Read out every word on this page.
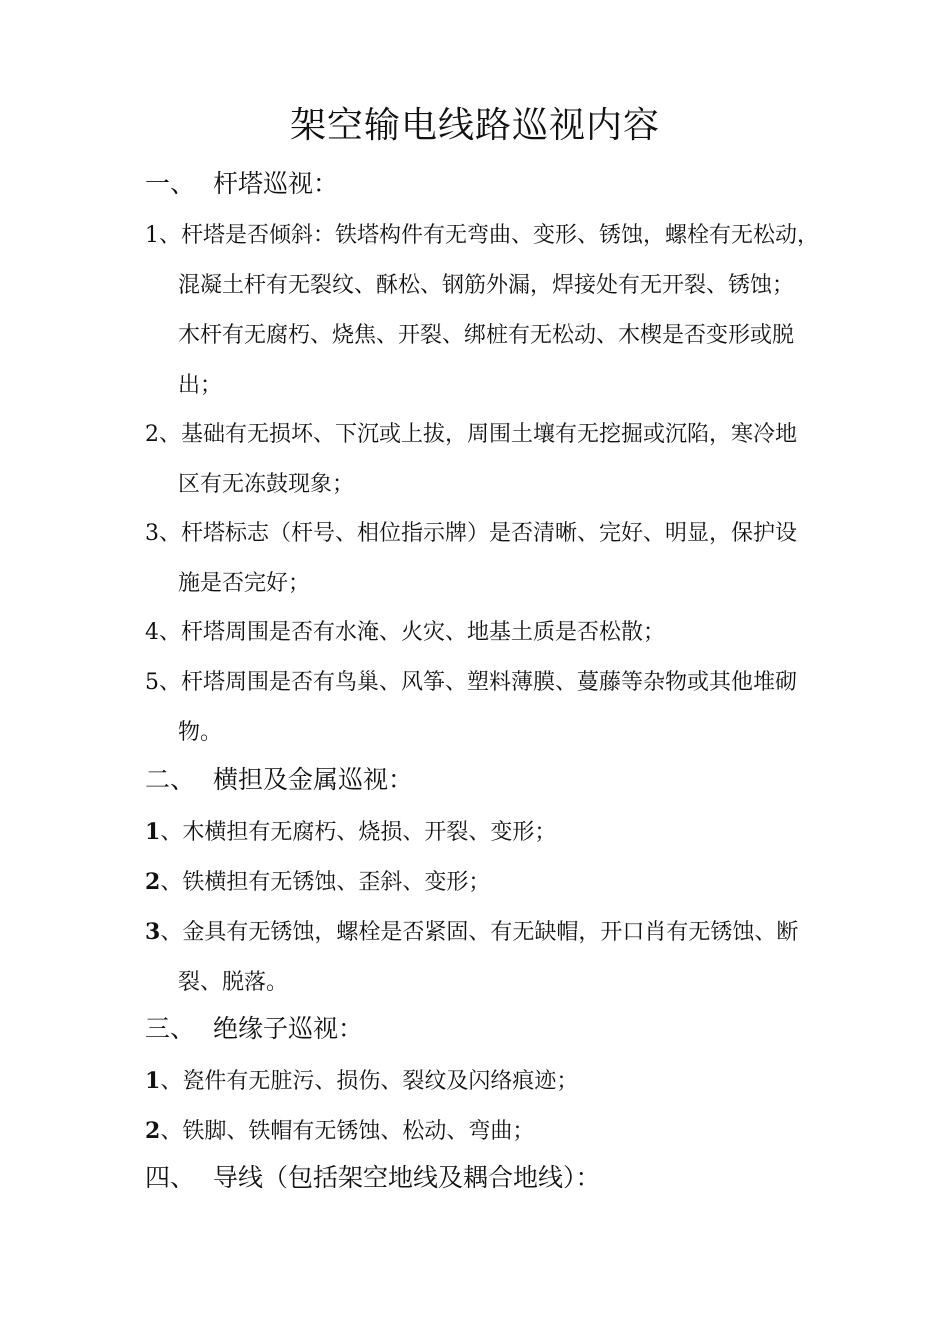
架空输电线路巡视内容
一、 杆塔巡视：
1、杆塔是否倾斜：铁塔构件有无弯曲、变形、锈蚀，螺栓有无松动，
混凝土杆有无裂纹、酥松、钢筋外漏，焊接处有无开裂、锈蚀；
木杆有无腐朽、烧焦、开裂、绑桩有无松动、木楔是否变形或脱
出；
2、基础有无损坏、下沉或上拔，周围土壤有无挖掘或沉陷，寒冷地
区有无冻鼓现象；
3、杆塔标志（杆号、相位指示牌）是否清晰、完好、明显，保护设
施是否完好；
4、杆塔周围是否有水淹、火灾、地基土质是否松散；
5、杆塔周围是否有鸟巢、风筝、塑料薄膜、蔓藤等杂物或其他堆砌
物。
二、 横担及金属巡视：
1、木横担有无腐朽、烧损、开裂、变形；
2、铁横担有无锈蚀、歪斜、变形；
3、金具有无锈蚀，螺栓是否紧固、有无缺帽，开口肖有无锈蚀、断
裂、脱落。
三、 绝缘子巡视：
1、瓷件有无脏污、损伤、裂纹及闪络痕迹；
2、铁脚、铁帽有无锈蚀、松动、弯曲；
四、 导线（包括架空地线及耦合地线）：
